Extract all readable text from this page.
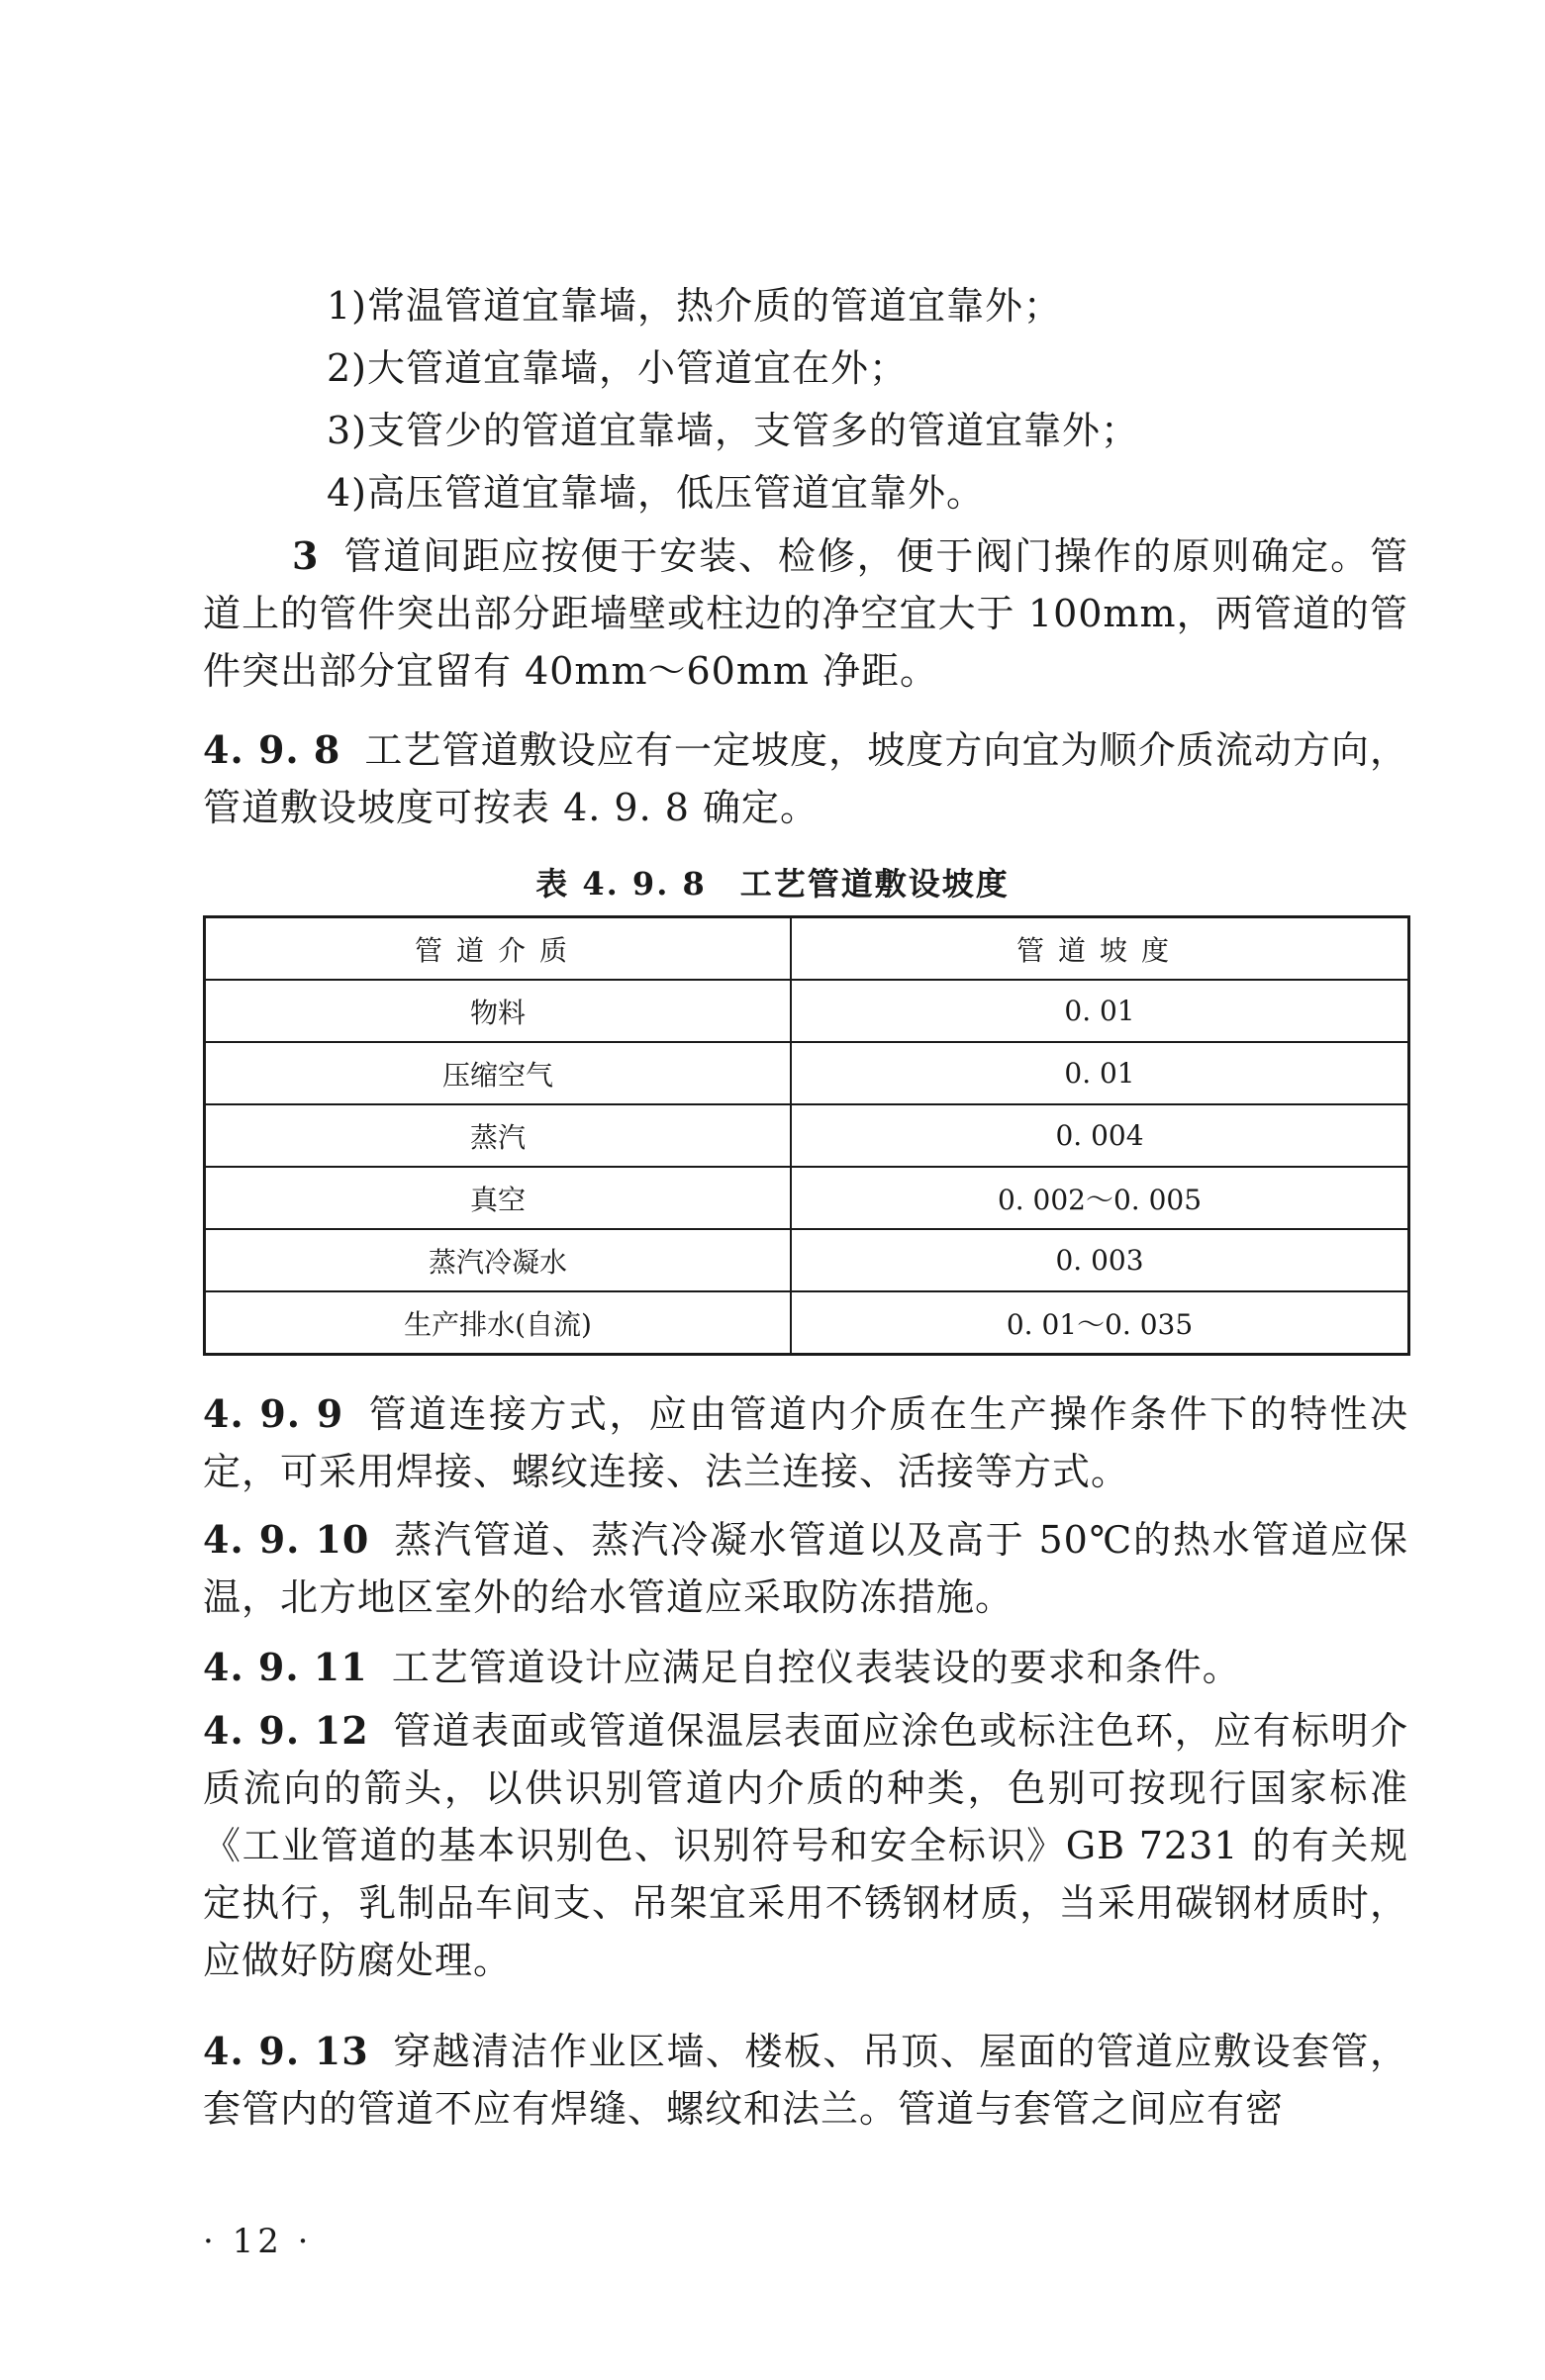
1)常温管道宜靠墙，热介质的管道宜靠外；
2)大管道宜靠墙，小管道宜在外；
3)支管少的管道宜靠墙，支管多的管道宜靠外；
4)高压管道宜靠墙，低压管道宜靠外。
3 管道间距应按便于安装、检修，便于阀门操作的原则确定。管道上的管件突出部分距墙壁或柱边的净空宜大于 100mm，两管道的管件突出部分宜留有 40mm～60mm 净距。
4. 9. 8 工艺管道敷设应有一定坡度，坡度方向宜为顺介质流动方向，管道敷设坡度可按表 4. 9. 8 确定。
表 4. 9. 8　工艺管道敷设坡度
管道介质	管道坡度
物料	0. 01
压缩空气	0. 01
蒸汽	0. 004
真空	0. 002～0. 005
蒸汽冷凝水	0. 003
生产排水(自流)	0. 01～0. 035
4. 9. 9 管道连接方式，应由管道内介质在生产操作条件下的特性决定，可采用焊接、螺纹连接、法兰连接、活接等方式。
4. 9. 10 蒸汽管道、蒸汽冷凝水管道以及高于 50℃的热水管道应保温，北方地区室外的给水管道应采取防冻措施。
4. 9. 11 工艺管道设计应满足自控仪表装设的要求和条件。
4. 9. 12 管道表面或管道保温层表面应涂色或标注色环，应有标明介质流向的箭头，以供识别管道内介质的种类，色别可按现行国家标准《工业管道的基本识别色、识别符号和安全标识》GB 7231 的有关规定执行，乳制品车间支、吊架宜采用不锈钢材质，当采用碳钢材质时，应做好防腐处理。
4. 9. 13 穿越清洁作业区墙、楼板、吊顶、屋面的管道应敷设套管，套管内的管道不应有焊缝、螺纹和法兰。管道与套管之间应有密
· 12 ·
